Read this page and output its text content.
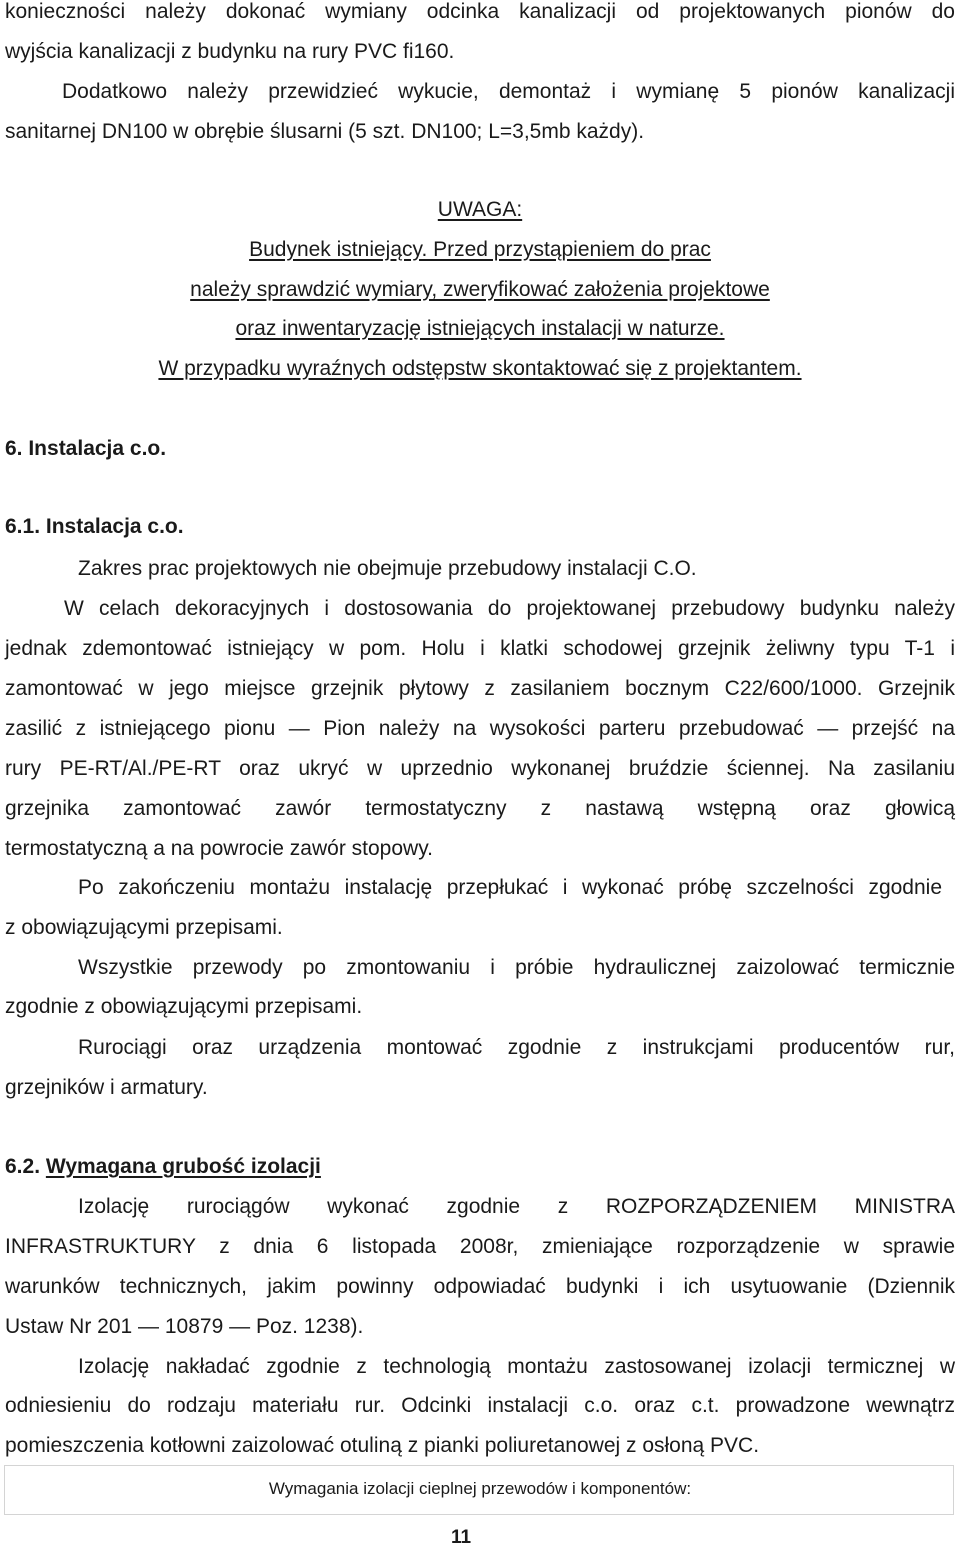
konieczności należy dokonać wymiany odcinka kanalizacji od projektowanych pionów do
wyjścia kanalizacji z budynku na rury PVC fi160.
Dodatkowo należy przewidzieć wykucie, demontaż i wymianę 5 pionów kanalizacji
sanitarnej DN100 w obrębie ślusarni (5 szt. DN100; L=3,5mb każdy).
UWAGA:
Budynek istniejący. Przed przystąpieniem do prac
należy sprawdzić wymiary, zweryfikować założenia projektowe
oraz inwentaryzację istniejących instalacji w naturze.
W przypadku wyraźnych odstępstw skontaktować się z projektantem.
6. Instalacja c.o.
6.1. Instalacja c.o.
Zakres prac projektowych nie obejmuje przebudowy instalacji C.O.
W celach dekoracyjnych i dostosowania do projektowanej przebudowy budynku należy
jednak zdemontować istniejący w pom. Holu i klatki schodowej grzejnik żeliwny typu T-1 i
zamontować w jego miejsce grzejnik płytowy z zasilaniem bocznym C22/600/1000. Grzejnik
zasilić z istniejącego pionu — Pion należy na wysokości parteru przebudować — przejść na
rury PE-RT/Al./PE-RT oraz ukryć w uprzednio wykonanej bruździe ściennej. Na zasilaniu
grzejnika zamontować zawór termostatyczny z nastawą wstępną oraz głowicą
termostatyczną a na powrocie zawór stopowy.
Po zakończeniu montażu instalację przepłukać i wykonać próbę szczelności zgodnie
z obowiązującymi przepisami.
Wszystkie przewody po zmontowaniu i próbie hydraulicznej zaizolować termicznie
zgodnie z obowiązującymi przepisami.
Rurociągi oraz urządzenia montować zgodnie z instrukcjami producentów rur,
grzejników i armatury.
6.2. Wymagana grubość izolacji
Izolację rurociągów wykonać zgodnie z ROZPORZĄDZENIEM MINISTRA
INFRASTRUKTURY z dnia 6 listopada 2008r, zmieniające rozporządzenie w sprawie
warunków technicznych, jakim powinny odpowiadać budynki i ich usytuowanie (Dziennik
Ustaw Nr 201 — 10879 — Poz. 1238).
Izolację nakładać zgodnie z technologią montażu zastosowanej izolacji termicznej w
odniesieniu do rodzaju materiału rur. Odcinki instalacji c.o. oraz c.t. prowadzone wewnątrz
pomieszczenia kotłowni zaizolować otuliną z pianki poliuretanowej z osłoną PVC.
Wymagania izolacji cieplnej przewodów i komponentów:
11
